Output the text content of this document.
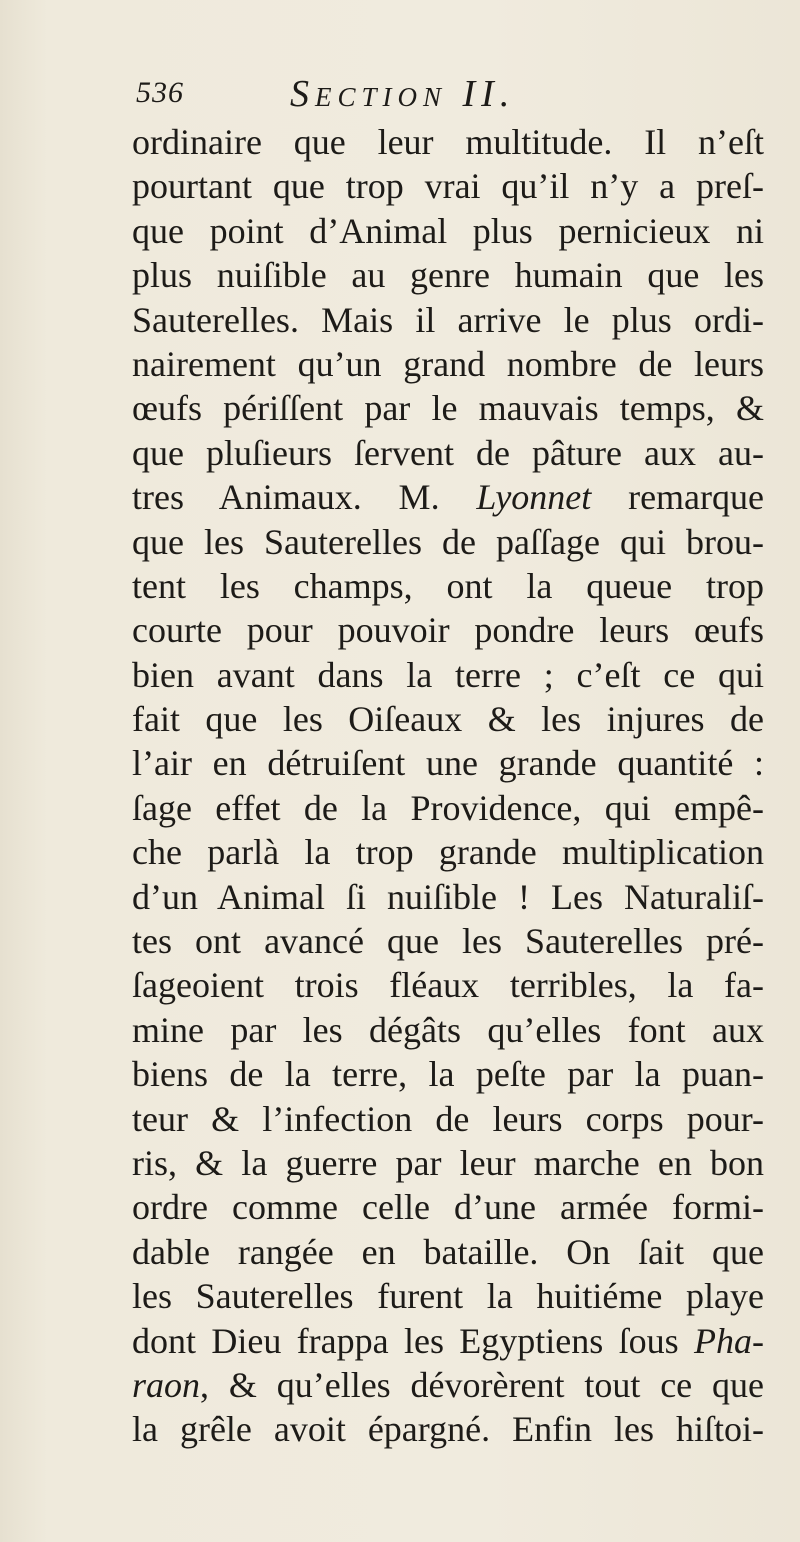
536	Section II.
ordinaire que leur multitude. Il n’eſt
pourtant que trop vrai qu’il n’y a preſ-
que point d’Animal plus pernicieux ni
plus nuiſible au genre humain que les
Sauterelles. Mais il arrive le plus ordi-
nairement qu’un grand nombre de leurs
œufs périſſent par le mauvais temps, &
que pluſieurs ſervent de pâture aux au-
tres Animaux. M. Lyonnet remarque
que les Sauterelles de paſſage qui brou-
tent les champs, ont la queue trop
courte pour pouvoir pondre leurs œufs
bien avant dans la terre ; c’eſt ce qui
fait que les Oiſeaux & les injures de
l’air en détruiſent une grande quantité :
ſage effet de la Providence, qui empê-
che parlà la trop grande multiplication
d’un Animal ſi nuiſible ! Les Naturaliſ-
tes ont avancé que les Sauterelles pré-
ſageoient trois fléaux terribles, la fa-
mine par les dégâts qu’elles font aux
biens de la terre, la peſte par la puan-
teur & l’infection de leurs corps pour-
ris, & la guerre par leur marche en bon
ordre comme celle d’une armée formi-
dable rangée en bataille. On ſait que
les Sauterelles furent la huitiéme playe
dont Dieu frappa les Egyptiens ſous Pha-
raon, & qu’elles dévorèrent tout ce que
la grêle avoit épargné. Enfin les hiſtoi-
